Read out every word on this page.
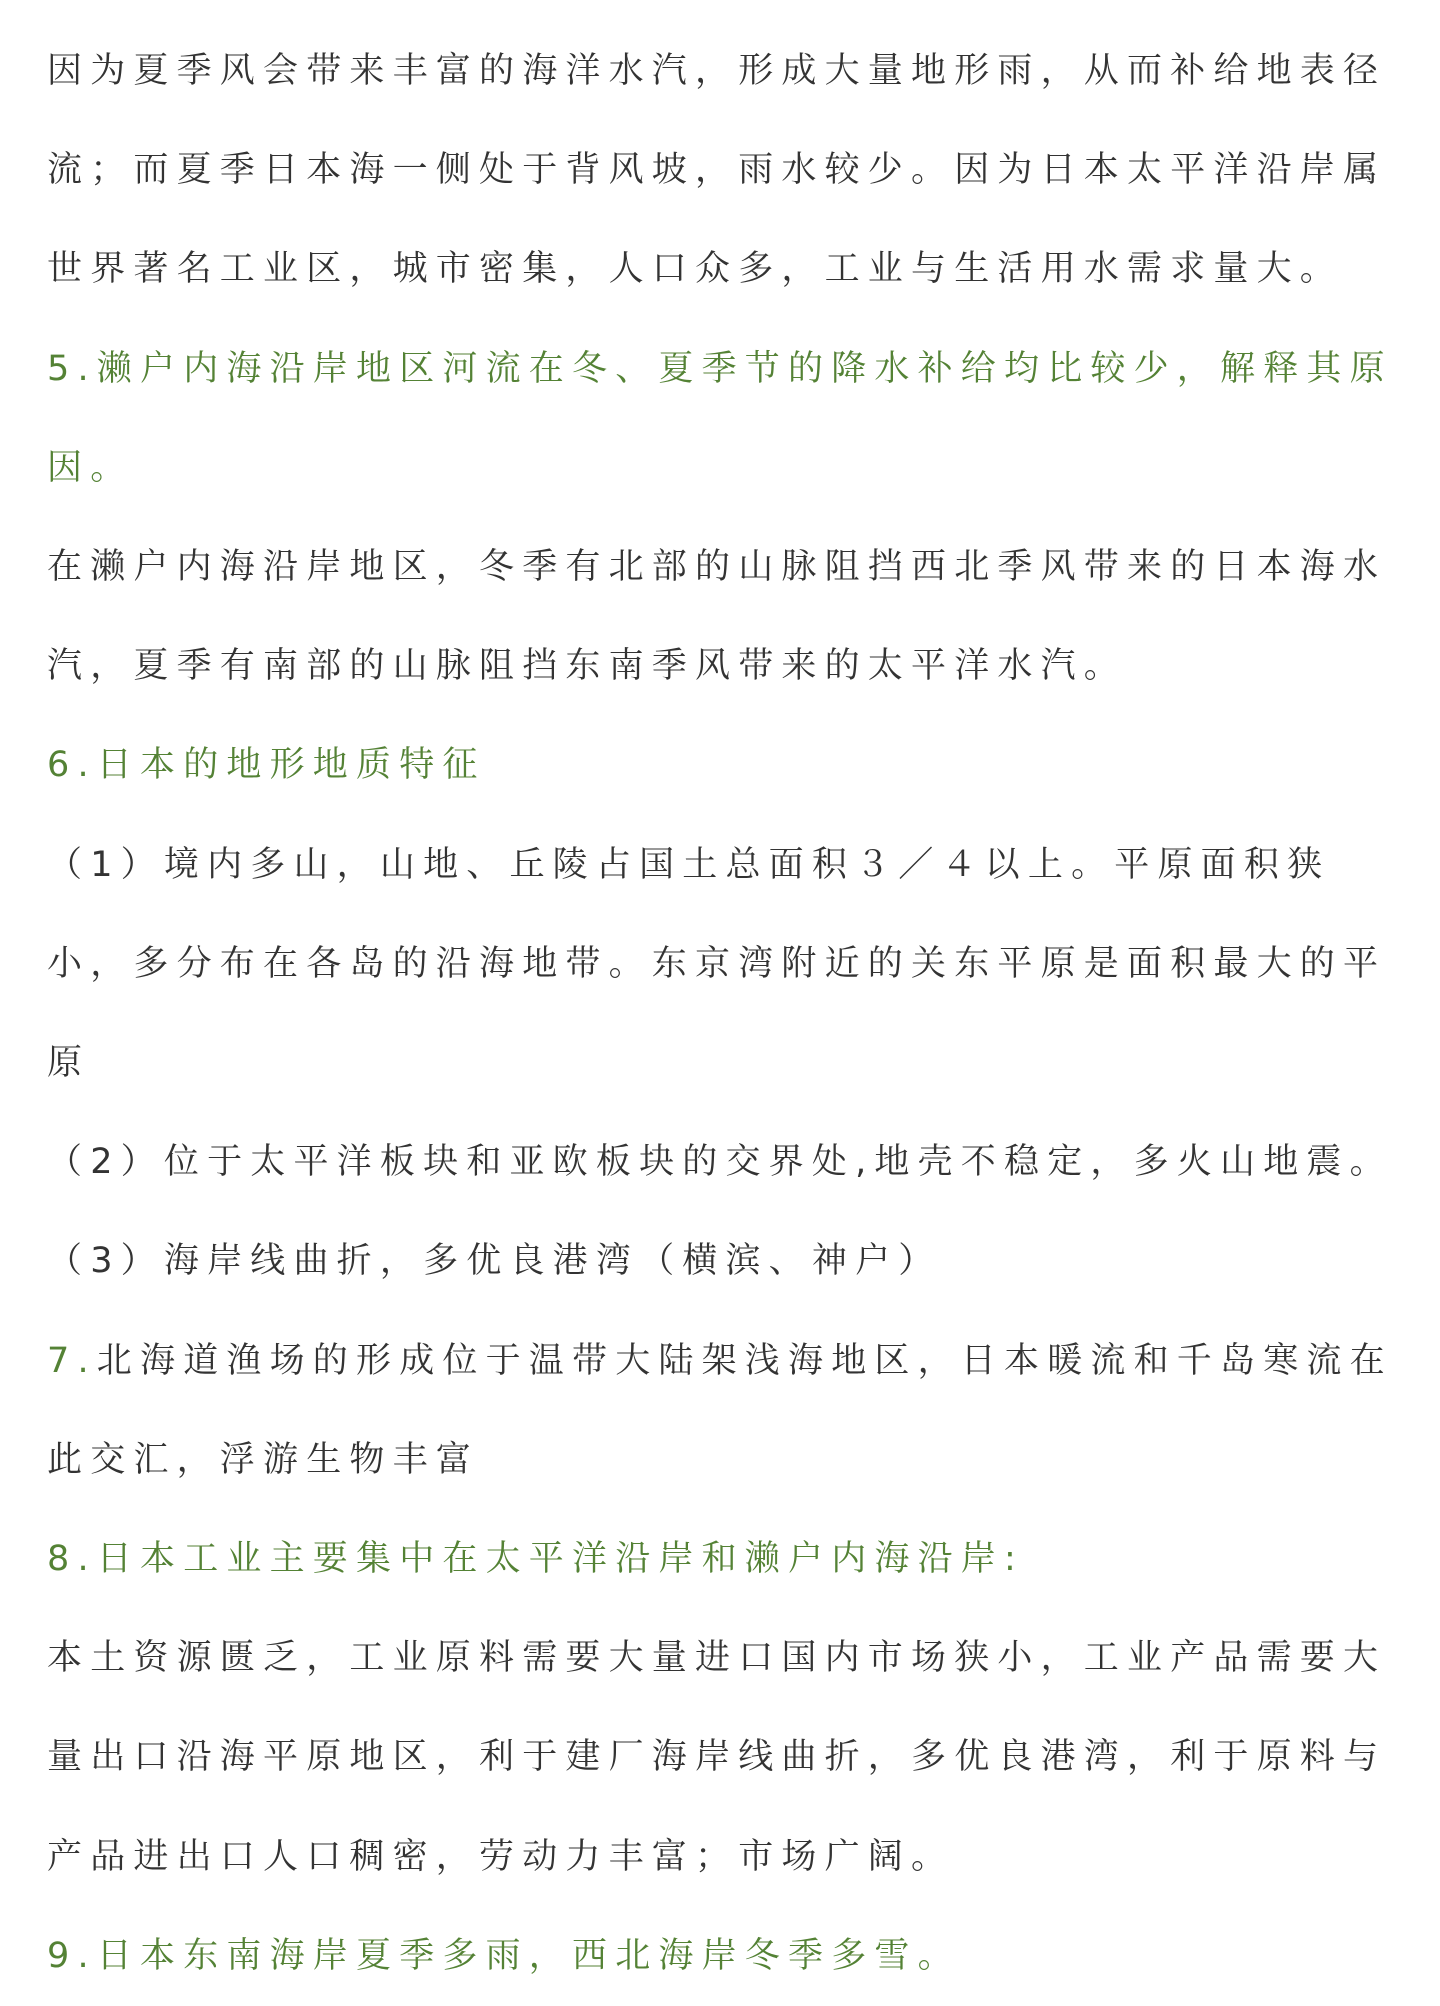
因为夏季风会带来丰富的海洋水汽，形成大量地形雨，从而补给地表径流；而夏季日本海一侧处于背风坡，雨水较少。因为日本太平洋沿岸属世界著名工业区，城市密集，人口众多，工业与生活用水需求量大。

5.濑户内海沿岸地区河流在冬、夏季节的降水补给均比较少，解释其原因。

在濑户内海沿岸地区，冬季有北部的山脉阻挡西北季风带来的日本海水汽，夏季有南部的山脉阻挡东南季风带来的太平洋水汽。

6.日本的地形地质特征

（1）境内多山，山地、丘陵占国土总面积３／４以上。平原面积狭小，多分布在各岛的沿海地带。东京湾附近的关东平原是面积最大的平原

（2）位于太平洋板块和亚欧板块的交界处,地壳不稳定，多火山地震。

（3）海岸线曲折，多优良港湾（横滨、神户）

7.北海道渔场的形成位于温带大陆架浅海地区，日本暖流和千岛寒流在此交汇，浮游生物丰富

8.日本工业主要集中在太平洋沿岸和濑户内海沿岸:

本土资源匮乏，工业原料需要大量进口国内市场狭小，工业产品需要大量出口沿海平原地区，利于建厂海岸线曲折，多优良港湾，利于原料与产品进出口人口稠密，劳动力丰富；市场广阔。

9.日本东南海岸夏季多雨，西北海岸冬季多雪。
